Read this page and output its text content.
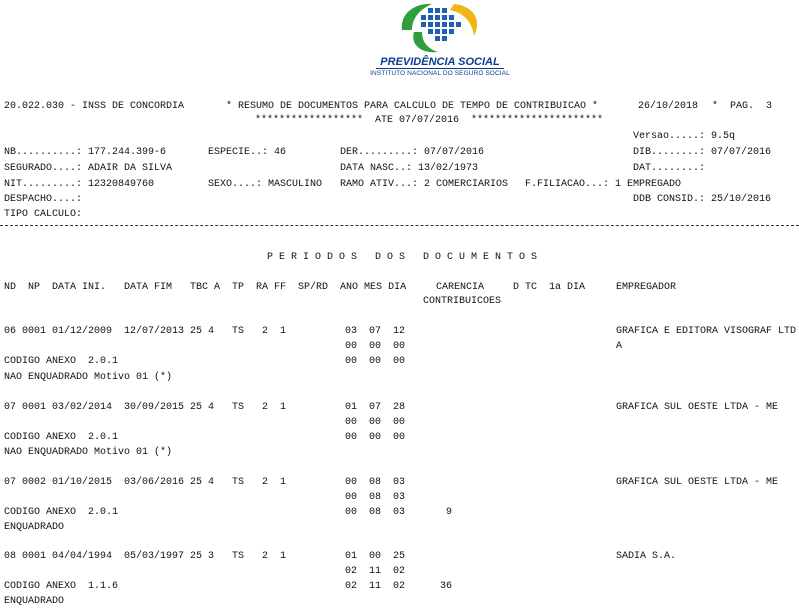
PREVIDÊNCIA SOCIAL
INSTITUTO NACIONAL DO SEGURO SOCIAL
20.022.030 - INSS DE CONCORDIA	* RESUMO DE DOCUMENTOS PARA CALCULO DE TEMPO DE CONTRIBUICAO *	26/10/2018 *  PAG.  3
******************  ATE 07/07/2016  **********************
Versao.....: 9.5q
NB..........: 177.244.399-6	ESPECIE..: 46	DER.........: 07/07/2016	DIB........: 07/07/2016
SEGURADO....: ADAIR DA SILVA	DATA NASC..: 13/02/1973	DAT........:
NIT.........: 12320849760	SEXO....: MASCULINO RAMO ATIV...: 2 COMERCIARIOS F.FILIACAO...: 1 EMPREGADO
DESPACHO....:	DDB CONSID.: 25/10/2016
TIPO CALCULO:
P E R I O D O S   D O S   D O C U M E N T O S
ND  NP  DATA INI.   DATA FIM   TBC A  TP  RA FF  SP/RD  ANO MES DIA	CARENCIA
CONTRIBUICOES
D TC  1a DIA	EMPREGADOR
06 0001 01/12/2009  12/07/2013 25 4   TS   2  1	03  07  12	GRAFICA E EDITORA VISOGRAF LTD
00  00  00	A
CODIGO ANEXO  2.0.1	00  00  00
NAO ENQUADRADO Motivo 01 (*)
07 0001 03/02/2014  30/09/2015 25 4   TS   2  1	01  07  28	GRAFICA SUL OESTE LTDA - ME
00  00  00
CODIGO ANEXO  2.0.1	00  00  00
NAO ENQUADRADO Motivo 01 (*)
07 0002 01/10/2015  03/06/2016 25 4   TS   2  1	00  08  03	GRAFICA SUL OESTE LTDA - ME
00  08  03
CODIGO ANEXO  2.0.1	00  08  03	9
ENQUADRADO
08 0001 04/04/1994  05/03/1997 25 3   TS   2  1	01  00  25	SADIA S.A.
02  11  02
CODIGO ANEXO  1.1.6	02  11  02	36
ENQUADRADO
